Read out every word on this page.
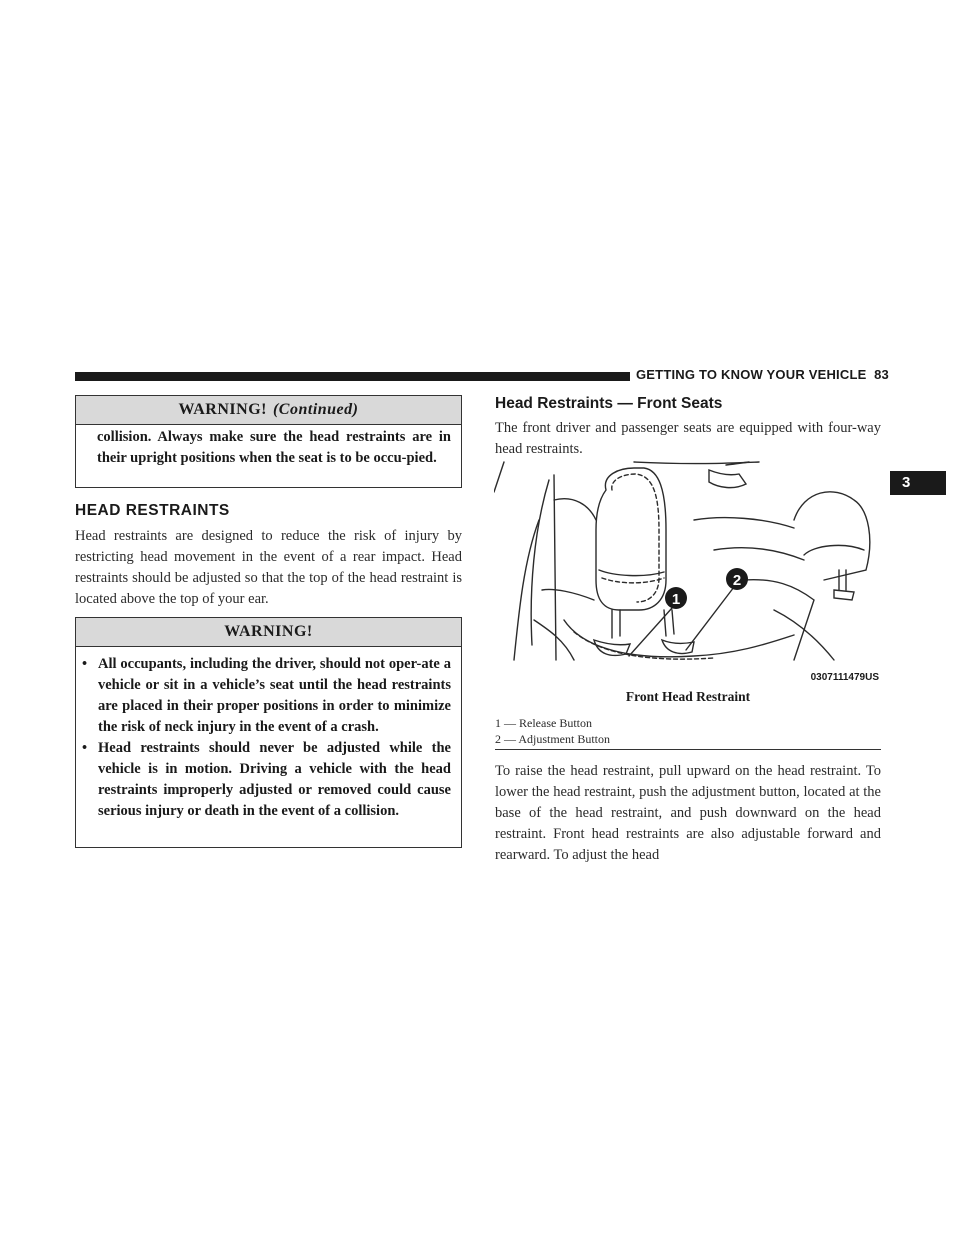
GETTING TO KNOW YOUR VEHICLE 83
3
WARNING! (Continued)
collision. Always make sure the head restraints are in their upright positions when the seat is to be occu-pied.
HEAD RESTRAINTS
Head restraints are designed to reduce the risk of injury by restricting head movement in the event of a rear impact. Head restraints should be adjusted so that the top of the head restraint is located above the top of your ear.
WARNING!
• All occupants, including the driver, should not oper-ate a vehicle or sit in a vehicle’s seat until the head restraints are placed in their proper positions in order to minimize the risk of neck injury in the event of a crash.
• Head restraints should never be adjusted while the vehicle is in motion. Driving a vehicle with the head restraints improperly adjusted or removed could cause serious injury or death in the event of a collision.
Head Restraints — Front Seats
The front driver and passenger seats are equipped with four-way head restraints.
1
2
0307111479US
Front Head Restraint
1 — Release Button
2 — Adjustment Button
To raise the head restraint, pull upward on the head restraint. To lower the head restraint, push the adjustment button, located at the base of the head restraint, and push downward on the head restraint. Front head restraints are also adjustable forward and rearward. To adjust the head
